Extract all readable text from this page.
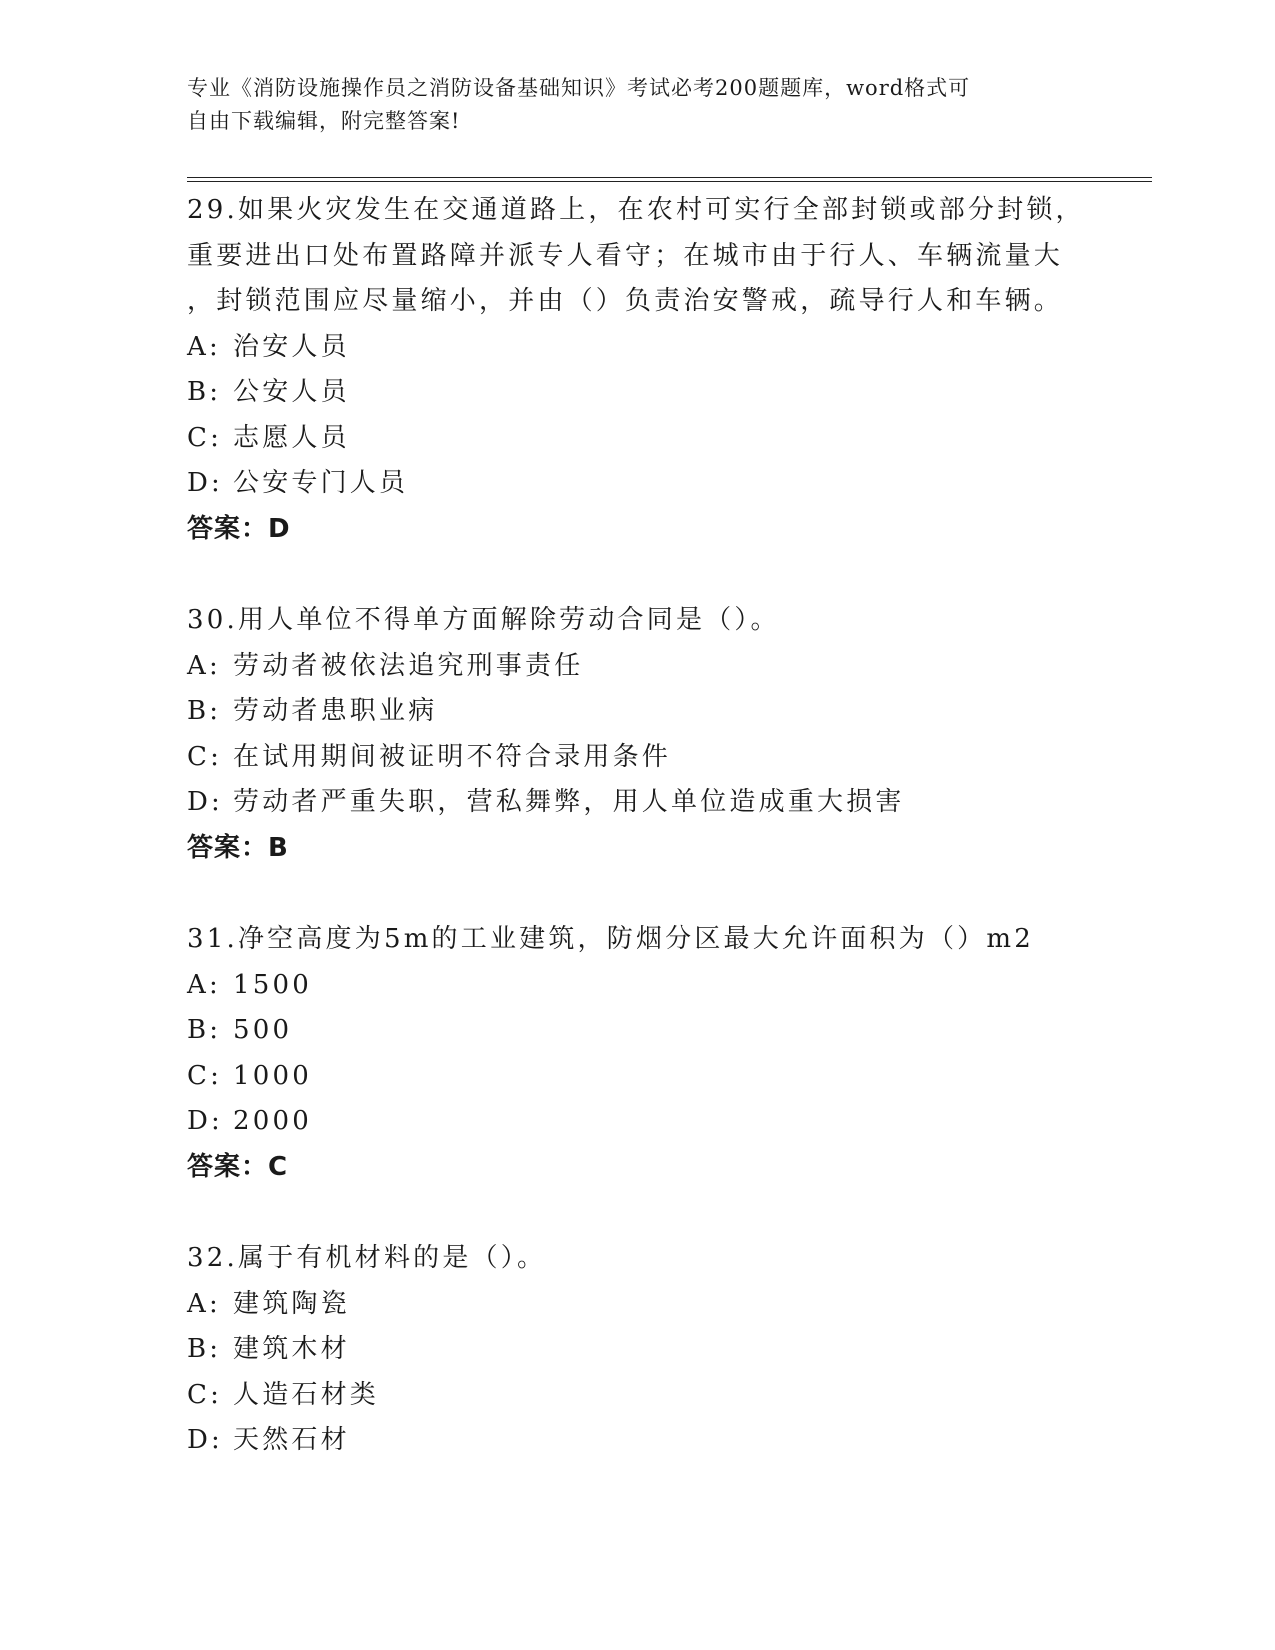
专业《消防设施操作员之消防设备基础知识》考试必考200题题库，word格式可
自由下载编辑，附完整答案!
29.如果火灾发生在交通道路上，在农村可实行全部封锁或部分封锁，
重要进出口处布置路障并派专人看守；在城市由于行人、车辆流量大
，封锁范围应尽量缩小，并由（）负责治安警戒，疏导行人和车辆。
A: 治安人员
B: 公安人员
C: 志愿人员
D: 公安专门人员
答案：D
30.用人单位不得单方面解除劳动合同是（）。
A: 劳动者被依法追究刑事责任
B: 劳动者患职业病
C: 在试用期间被证明不符合录用条件
D: 劳动者严重失职，营私舞弊，用人单位造成重大损害
答案：B
31.净空高度为5m的工业建筑，防烟分区最大允许面积为（）m2
A: 1500
B: 500
C: 1000
D: 2000
答案：C
32.属于有机材料的是（）。
A: 建筑陶瓷
B: 建筑木材
C: 人造石材类
D: 天然石材
